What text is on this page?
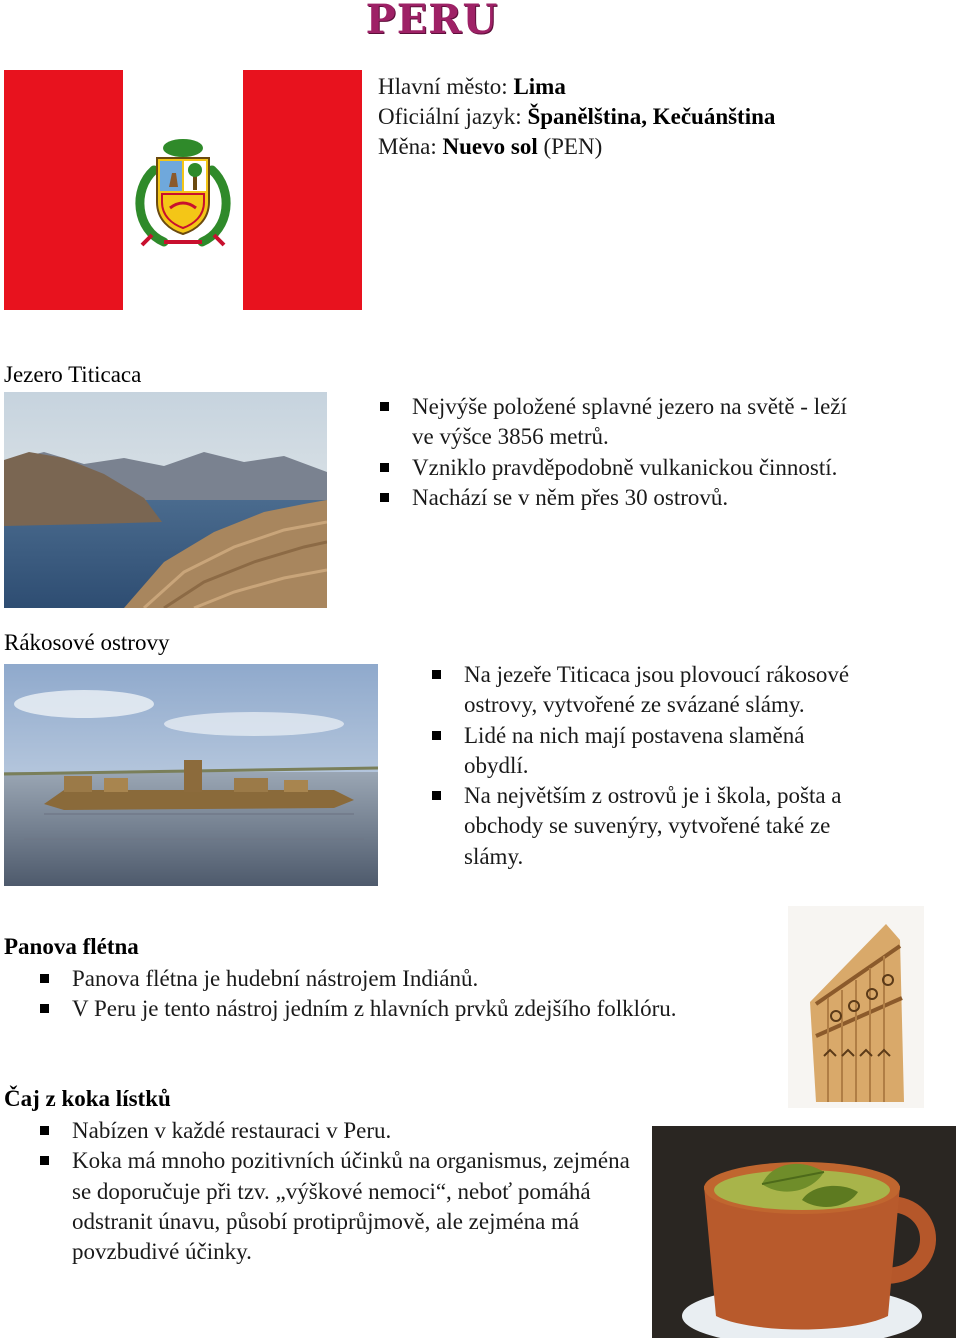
PERU
Hlavní město: Lima
Oficiální jazyk: Španělština, Kečuánština
Měna: Nuevo sol (PEN)
Jezero Titicaca
Nejvýše položené splavné jezero na světě - leží ve výšce 3856 metrů.
Vzniklo pravděpodobně vulkanickou činností.
Nachází se v něm přes 30 ostrovů.
Rákosové ostrovy
Na jezeře Titicaca jsou plovoucí rákosové ostrovy, vytvořené ze svázané slámy.
Lidé na nich mají postavena slaměná obydlí.
Na největším z ostrovů je i škola, pošta a obchody se suvenýry, vytvořené také ze slámy.
Panova flétna
Panova flétna je hudební nástrojem Indiánů.
V Peru je tento nástroj jedním z hlavních prvků zdejšího folklóru.
Čaj z koka lístků
Nabízen v každé restauraci v Peru.
Koka má mnoho pozitivních účinků na organismus, zejména se doporučuje při tzv. „výškové nemoci“, neboť pomáhá odstranit únavu, působí protiprůjmově, ale zejména má povzbudivé účinky.
